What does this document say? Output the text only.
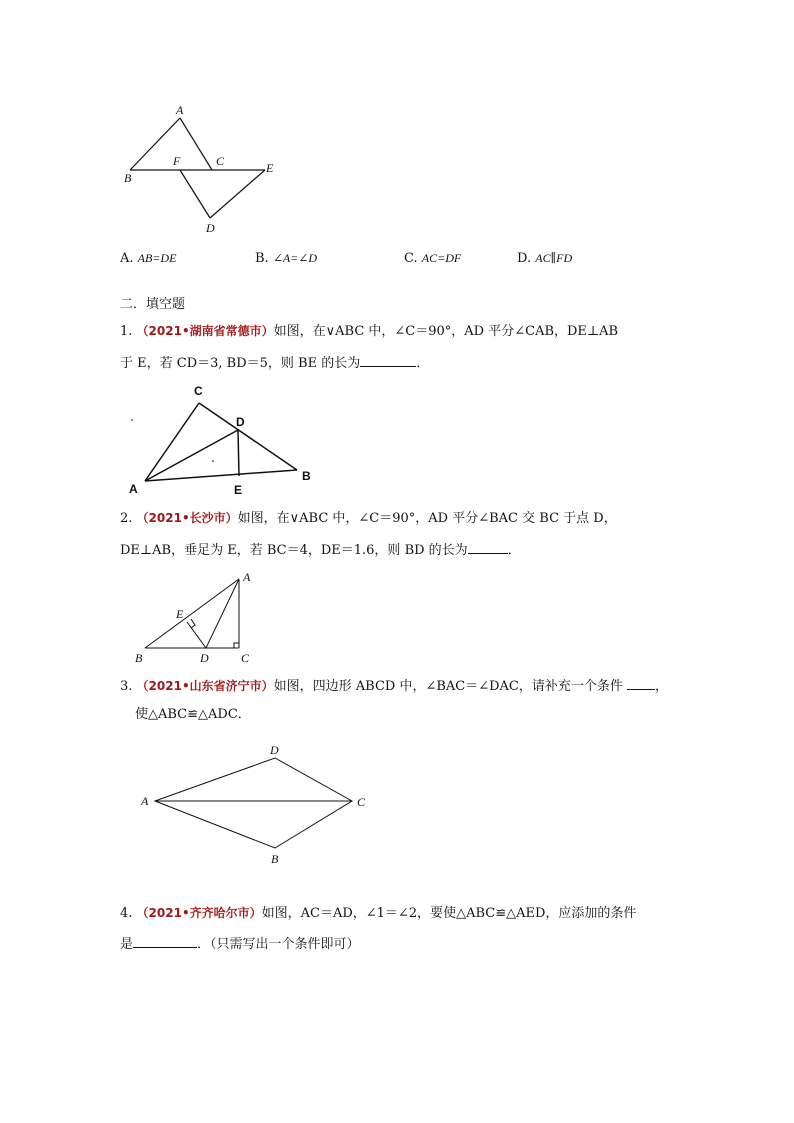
A
B
F	C	E
D
A. AB=DE	B. ∠A=∠D	C. AC=DF	D. AC∥FD
二．填空题
1. （2021•湖南省常德市）如图，在∨ABC 中，∠C＝90°，AD 平分∠CAB，DE⊥AB
于 E，若 CD＝3, BD＝5，则 BE 的长为	．
C
D
A	E
B
2. （2021•长沙市）如图，在∨ABC 中，∠C＝90°，AD 平分∠BAC 交 BC 于点 D，
DE⊥AB，垂足为 E，若 BC＝4，DE＝1.6，则 BD 的长为	．
A
E
B	D	C
3. （2021•山东省济宁市）如图，四边形 ABCD 中，∠BAC＝∠DAC，请补充一个条件 ，
使△ABC≌△ADC．
D
A	C
B
4. （2021•齐齐哈尔市）如图，AC＝AD，∠1＝∠2，要使△ABC≌△AED，应添加的条件
是	．（只需写出一个条件即可）
